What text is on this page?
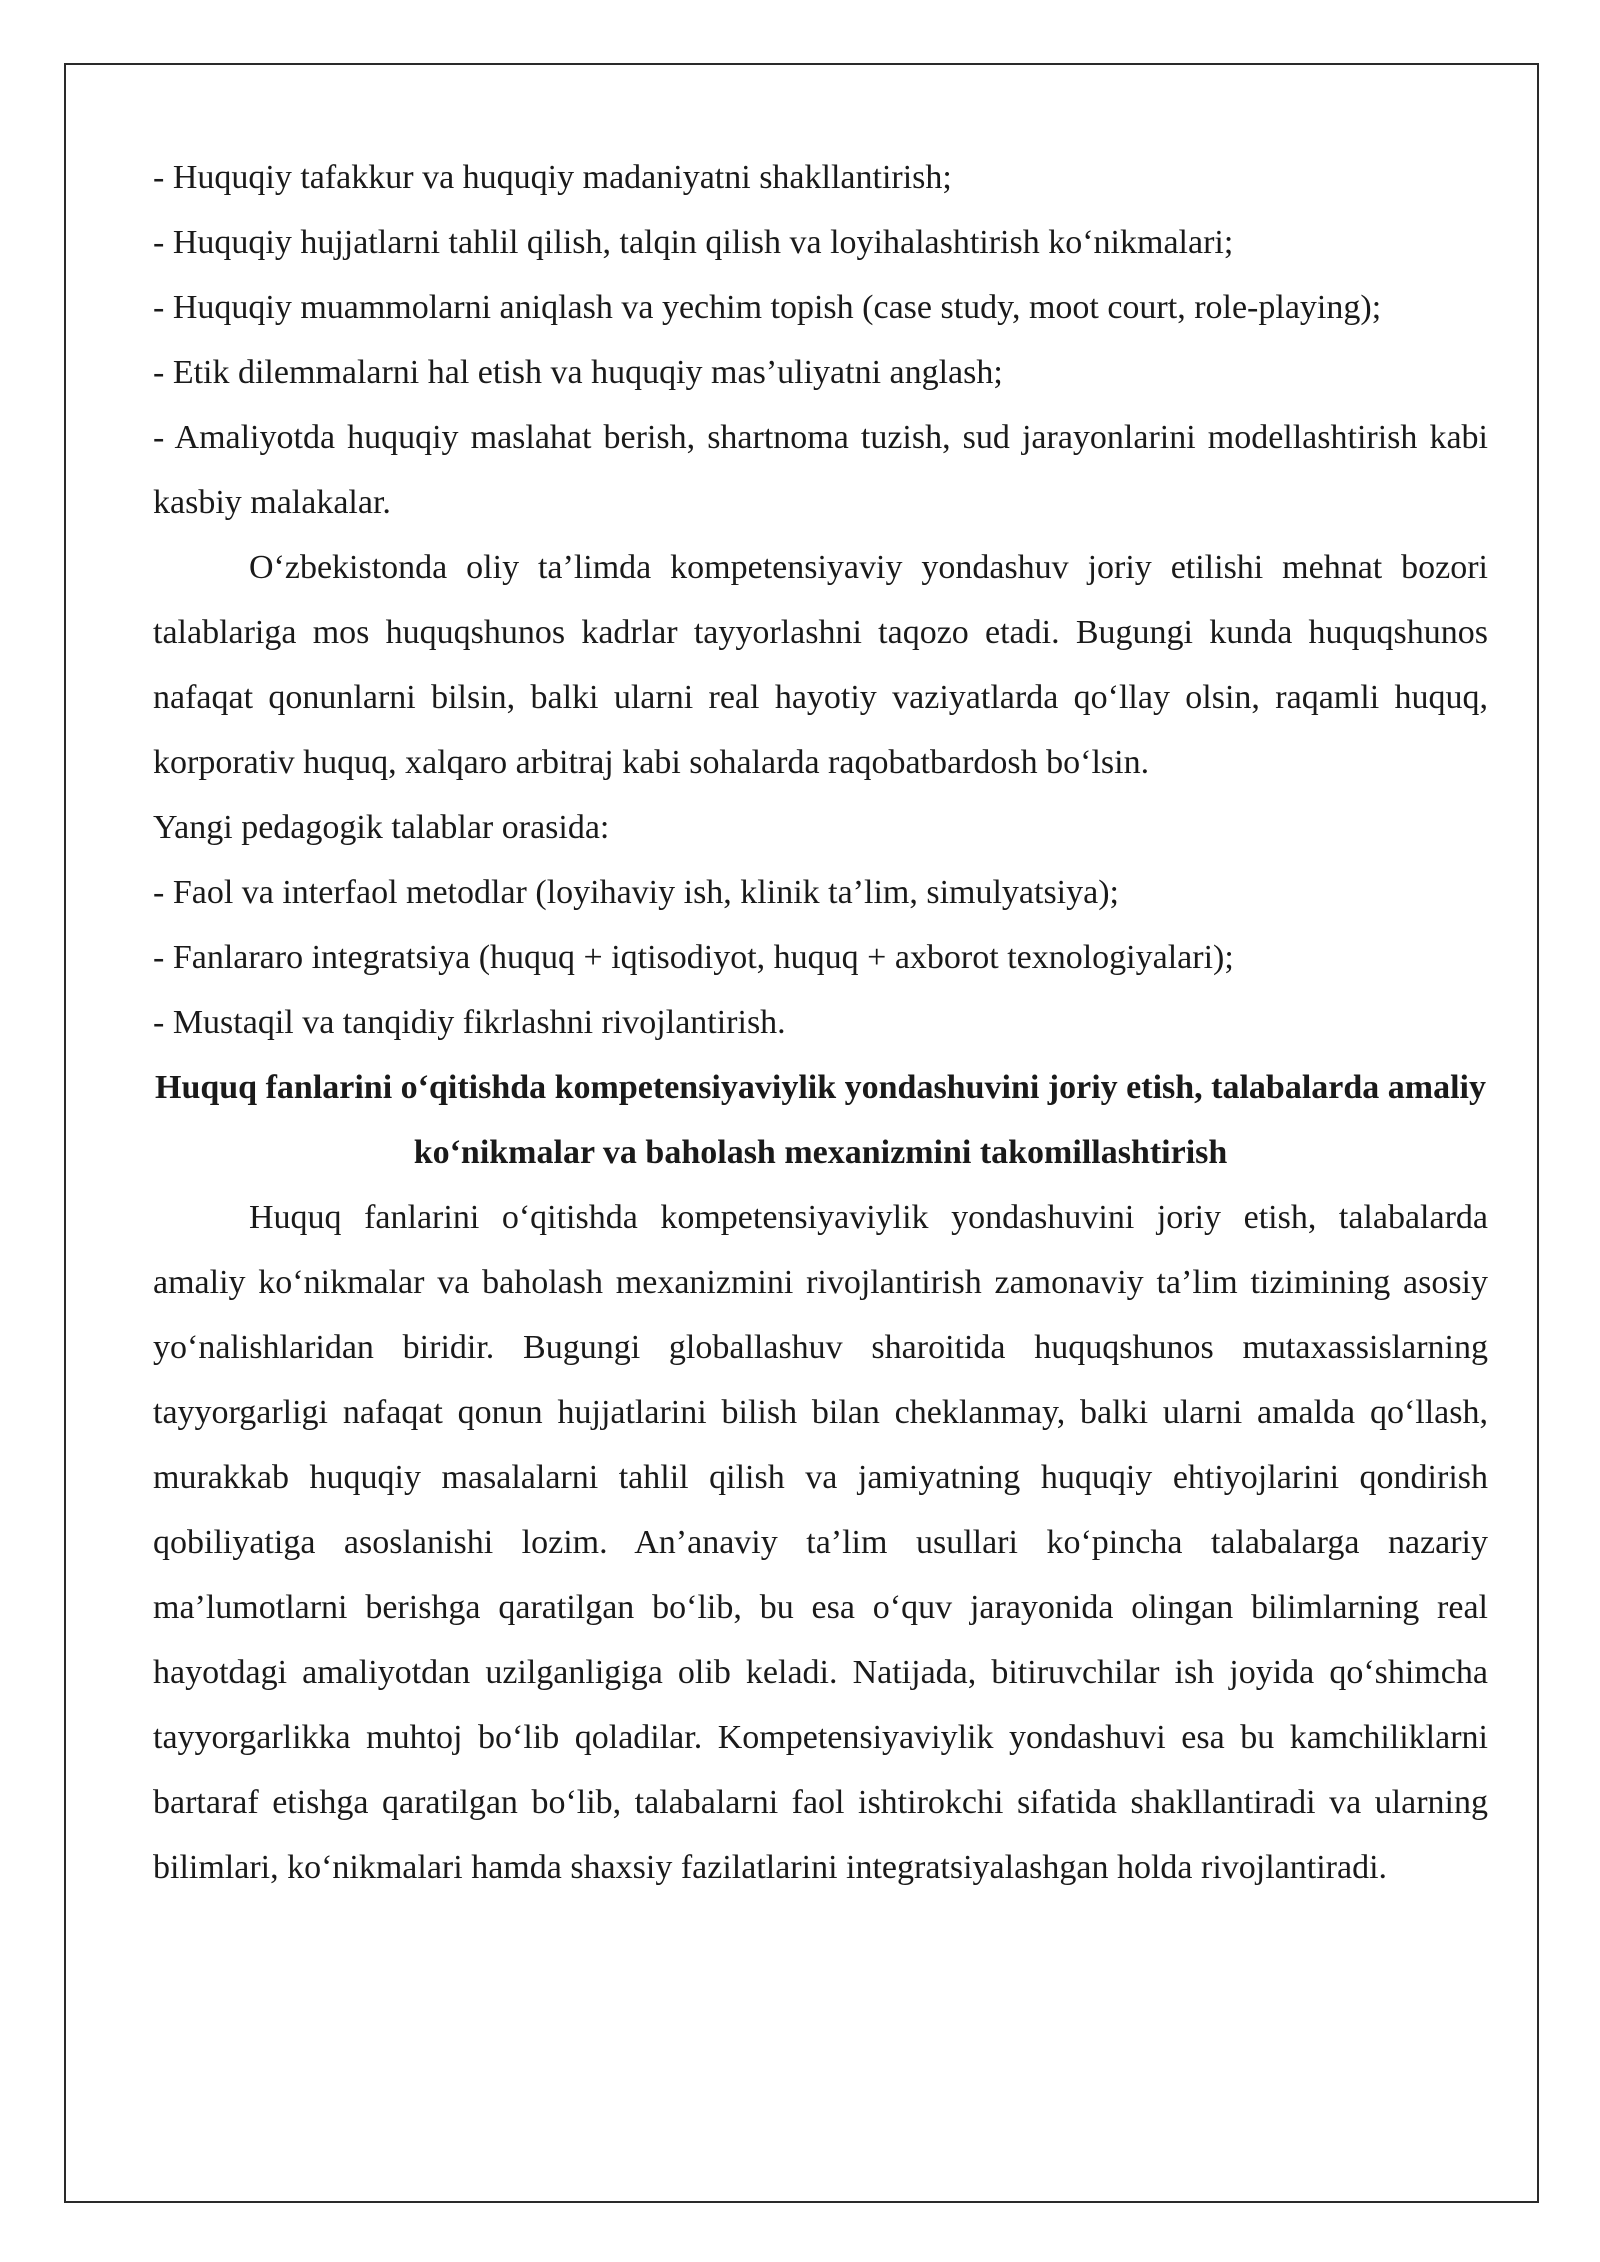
- Huquqiy tafakkur va huquqiy madaniyatni shakllantirish;

- Huquqiy hujjatlarni tahlil qilish, talqin qilish va loyihalashtirish ko‘nikmalari;

- Huquqiy muammolarni aniqlash va yechim topish (case study, moot court, role-playing);

- Etik dilemmalarni hal etish va huquqiy mas’uliyatni anglash;

- Amaliyotda huquqiy maslahat berish, shartnoma tuzish, sud jarayonlarini modellashtirish kabi kasbiy malakalar.

O‘zbekistonda oliy ta’limda kompetensiyaviy yondashuv joriy etilishi mehnat bozori talablariga mos huquqshunos kadrlar tayyorlashni taqozo etadi. Bugungi kunda huquqshunos nafaqat qonunlarni bilsin, balki ularni real hayotiy vaziyatlarda qo‘llay olsin, raqamli huquq, korporativ huquq, xalqaro arbitraj kabi sohalarda raqobatbardosh bo‘lsin.

Yangi pedagogik talablar orasida:

- Faol va interfaol metodlar (loyihaviy ish, klinik ta’lim, simulyatsiya);

- Fanlararo integratsiya (huquq + iqtisodiyot, huquq + axborot texnologiyalari);

- Mustaqil va tanqidiy fikrlashni rivojlantirish.

Huquq fanlarini o‘qitishda kompetensiyaviylik yondashuvini joriy etish, talabalarda amaliy ko‘nikmalar va baholash mexanizmini takomillashtirish

Huquq fanlarini o‘qitishda kompetensiyaviylik yondashuvini joriy etish, talabalarda amaliy ko‘nikmalar va baholash mexanizmini rivojlantirish zamonaviy ta’lim tizimining asosiy yo‘nalishlaridan biridir. Bugungi globallashuv sharoitida huquqshunos mutaxassislarning tayyorgarligi nafaqat qonun hujjatlarini bilish bilan cheklanmay, balki ularni amalda qo‘llash, murakkab huquqiy masalalarni tahlil qilish va jamiyatning huquqiy ehtiyojlarini qondirish qobiliyatiga asoslanishi lozim. An’anaviy ta’lim usullari ko‘pincha talabalarga nazariy ma’lumotlarni berishga qaratilgan bo‘lib, bu esa o‘quv jarayonida olingan bilimlarning real hayotdagi amaliyotdan uzilganligiga olib keladi. Natijada, bitiruvchilar ish joyida qo‘shimcha tayyorgarlikka muhtoj bo‘lib qoladilar. Kompetensiyaviylik yondashuvi esa bu kamchiliklarni bartaraf etishga qaratilgan bo‘lib, talabalarni faol ishtirokchi sifatida shakllantiradi va ularning bilimlari, ko‘nikmalari hamda shaxsiy fazilatlarini integratsiyalashgan holda rivojlantiradi.
